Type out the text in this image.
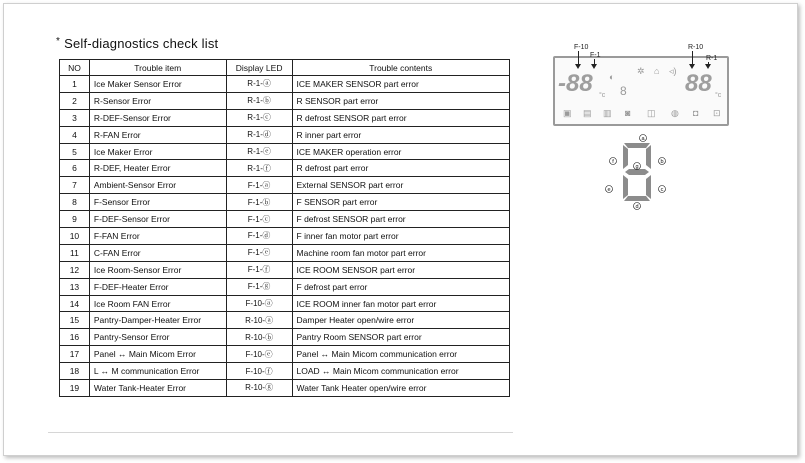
* Self-diagnostics check list
NO	Trouble item	Display LED	Trouble contents
1	Ice Maker Sensor Error	R-1-ⓐ	ICE MAKER SENSOR part error
2	R-Sensor Error	R-1-ⓑ	R SENSOR part error
3	R-DEF-Sensor Error	R-1-ⓒ	R defrost SENSOR part error
4	R-FAN Error	R-1-ⓓ	R inner part error
5	Ice Maker Error	R-1-ⓔ	ICE MAKER operation error
6	R-DEF, Heater Error	R-1-ⓕ	R defrost part error
7	Ambient-Sensor Error	F-1-ⓐ	External SENSOR part error
8	F-Sensor Error	F-1-ⓑ	F SENSOR part error
9	F-DEF-Sensor Error	F-1-ⓒ	F defrost SENSOR part error
10	F-FAN Error	F-1-ⓓ	F inner fan motor part error
11	C-FAN Error	F-1-ⓔ	Machine room fan motor part error
12	Ice Room-Sensor Error	F-1-ⓕ	ICE ROOM SENSOR part error
13	F-DEF-Heater Error	F-1-ⓖ	F defrost part error
14	Ice Room FAN Error	F-10-ⓐ	ICE ROOM inner fan motor part error
15	Pantry-Damper-Heater Error	R-10-ⓐ	Damper Heater open/wire error
16	Pantry-Sensor Error	R-10-ⓑ	Pantry Room SENSOR part error
17	Panel ↔ Main Micom Error	F-10-ⓔ	Panel ↔ Main Micom communication error
18	L ↔ M communication Error	F-10-ⓕ	LOAD ↔ Main Micom communication error
19	Water Tank-Heater Error	R-10-ⓖ	Water Tank Heater open/wire error
-88 °c	88 °c
◐
8
✲ ⌂ ◃)
▣ ▤ ▥ ◙ ◫ ◍ ◘ ⊡
F-10
F-1
R-10
R-1
a
b
c
d
e
f
g
